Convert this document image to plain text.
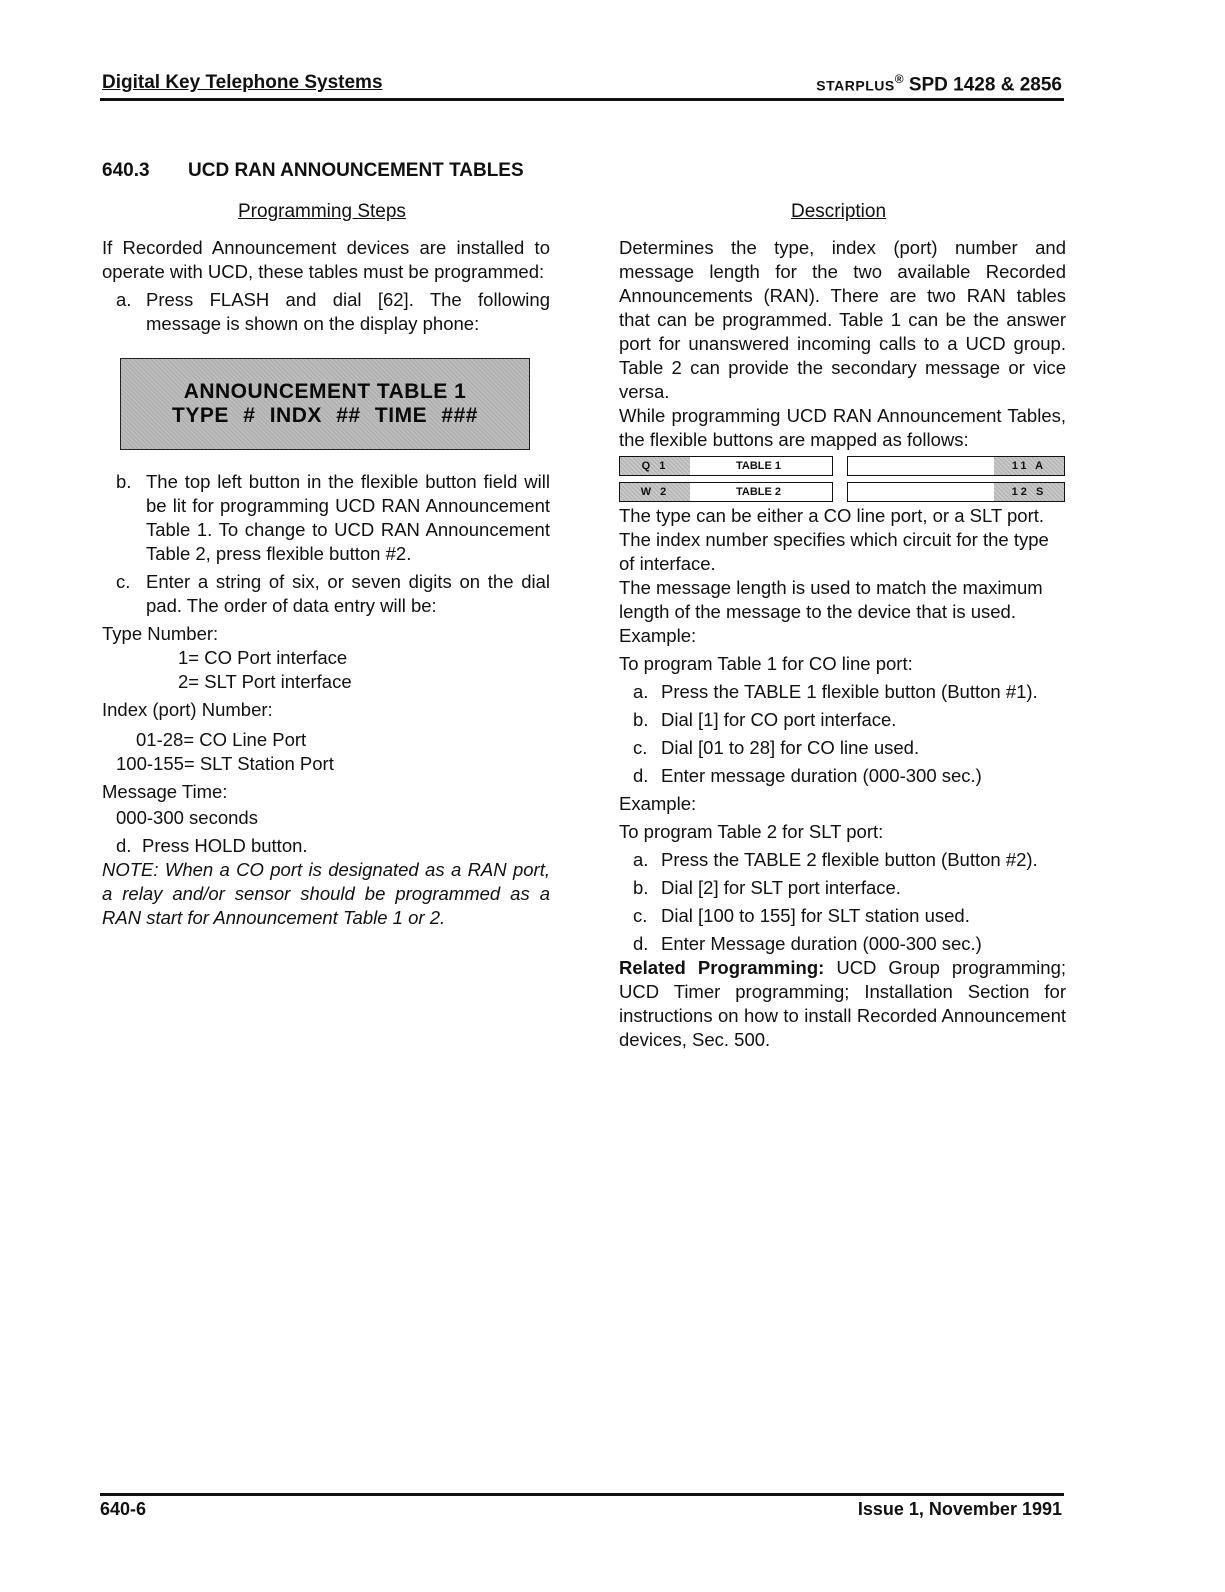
Digital Key Telephone Systems	STARPLUS® SPD 1428 & 2856
640.3 UCD RAN ANNOUNCEMENT TABLES
Programming Steps	Description

If Recorded Announcement devices are installed to operate with UCD, these tables must be programmed:

a. Press FLASH and dial [62]. The following message is shown on the display phone:
ANNOUNCEMENT TABLE 1
TYPE # INDX ## TIME ###
b. The top left button in the flexible button field will be lit for programming UCD RAN Announcement Table 1. To change to UCD RAN Announcement Table 2, press flexible button #2.
c. Enter a string of six, or seven digits on the dial pad. The order of data entry will be:
Type Number:
1= CO Port interface
2= SLT Port interface
Index (port) Number:
01-28= CO Line Port
100-155= SLT Station Port
Message Time:
000-300 seconds
d. Press HOLD button.

NOTE: When a CO port is designated as a RAN port, a relay and/or sensor should be programmed as a RAN start for Announcement Table 1 or 2.

Determines the type, index (port) number and message length for the two available Recorded Announcements (RAN). There are two RAN tables that can be programmed. Table 1 can be the answer port for unanswered incoming calls to a UCD group. Table 2 can provide the secondary message or vice versa.

While programming UCD RAN Announcement Tables, the flexible buttons are mapped as follows:

Q 1	TABLE 1	11 A
W 2	TABLE 2	12 S

The type can be either a CO line port, or a SLT port. The index number specifies which circuit for the type of interface.

The message length is used to match the maximum length of the message to the device that is used.

Example:
To program Table 1 for CO line port:
a. Press the TABLE 1 flexible button (Button #1).
b. Dial [1] for CO port interface.
c. Dial [01 to 28] for CO line used.
d. Enter message duration (000-300 sec.)
Example:
To program Table 2 for SLT port:
a. Press the TABLE 2 flexible button (Button #2).
b. Dial [2] for SLT port interface.
c. Dial [100 to 155] for SLT station used.
d. Enter Message duration (000-300 sec.)

Related Programming: UCD Group programming; UCD Timer programming; Installation Section for instructions on how to install Recorded Announcement devices, Sec. 500.

640-6	Issue 1, November 1991
